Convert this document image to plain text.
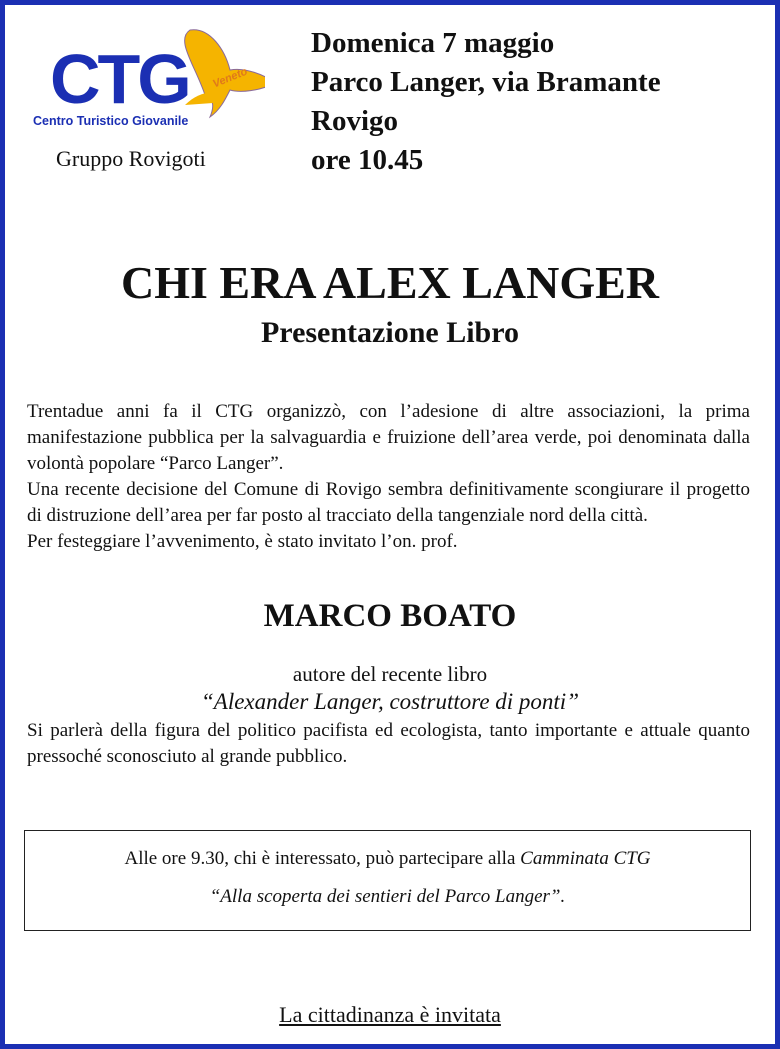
CTG Veneto
Centro Turistico Giovanile
Gruppo Rovigoti
Domenica 7 maggio
Parco Langer, via Bramante
Rovigo
ore 10.45
CHI ERA ALEX LANGER
Presentazione Libro
Trentadue anni fa il CTG organizzò, con l’adesione di altre associazioni, la prima manifestazione pubblica per la salvaguardia e fruizione dell’area verde, poi denominata dalla volontà popolare “Parco Langer”.
Una recente decisione del Comune di Rovigo sembra definitivamente scongiurare il progetto di distruzione dell’area per far posto al tracciato della tangenziale nord della città.
Per festeggiare l’avvenimento, è stato invitato l’on. prof.
MARCO BOATO
autore del recente libro
“Alexander Langer, costruttore di ponti”
Si parlerà della figura del politico pacifista ed ecologista, tanto importante e attuale quanto pressoché sconosciuto al grande pubblico.

Alle ore 9.30, chi è interessato, può partecipare alla Camminata CTG

“Alla scoperta dei sentieri del Parco Langer”.

La cittadinanza è invitata
